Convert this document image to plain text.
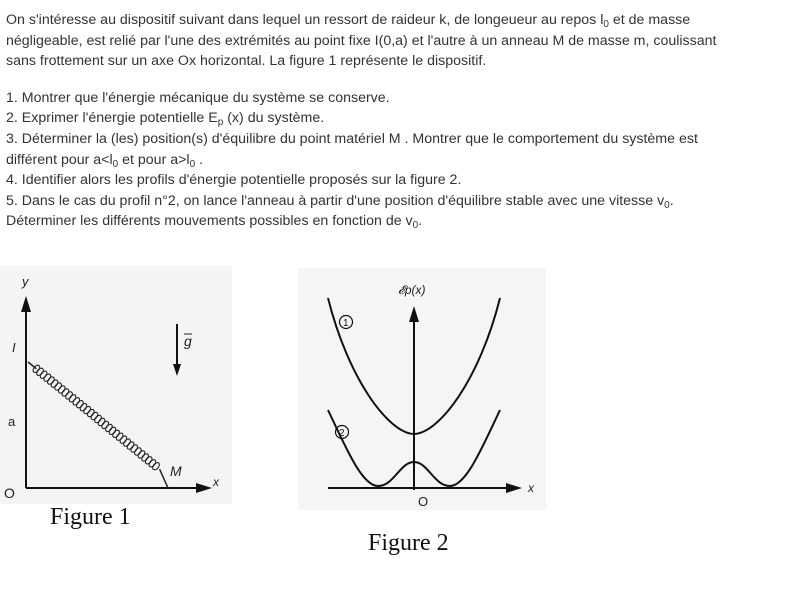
On s'intéresse au dispositif suivant dans lequel un ressort de raideur k, de longeueur au repos $l_0$ et de masse

négligeable, est relié par l'une des extrémités au point fixe I(0,a) et l'autre à un anneau M de masse m, coulissant

sans frottement sur un axe Ox horizontal. La figure 1 représente le dispositif.

1. Montrer que l'énergie mécanique du système se conserve.

2. Exprimer l'énergie potentielle $E_p$ (x) du système.

3. Déterminer la (les) position(s) d'équilibre du point matériel M . Montrer que le comportement du système est

différent pour $a<l_0$ et pour $a>l_0$ .

4. Identifier alors les profils d'énergie potentielle proposés sur la figure 2.

5. Dans le cas du profil n°2, on lance l'anneau à partir d'une position d'équilibre stable avec une vitesse $v_0$.

Déterminer les différents mouvements possibles en fonction de $v_0$.

y
I
a
O
M
x
g
Figure 1
𝓔p(x)
x
O
1
2
Figure 2
